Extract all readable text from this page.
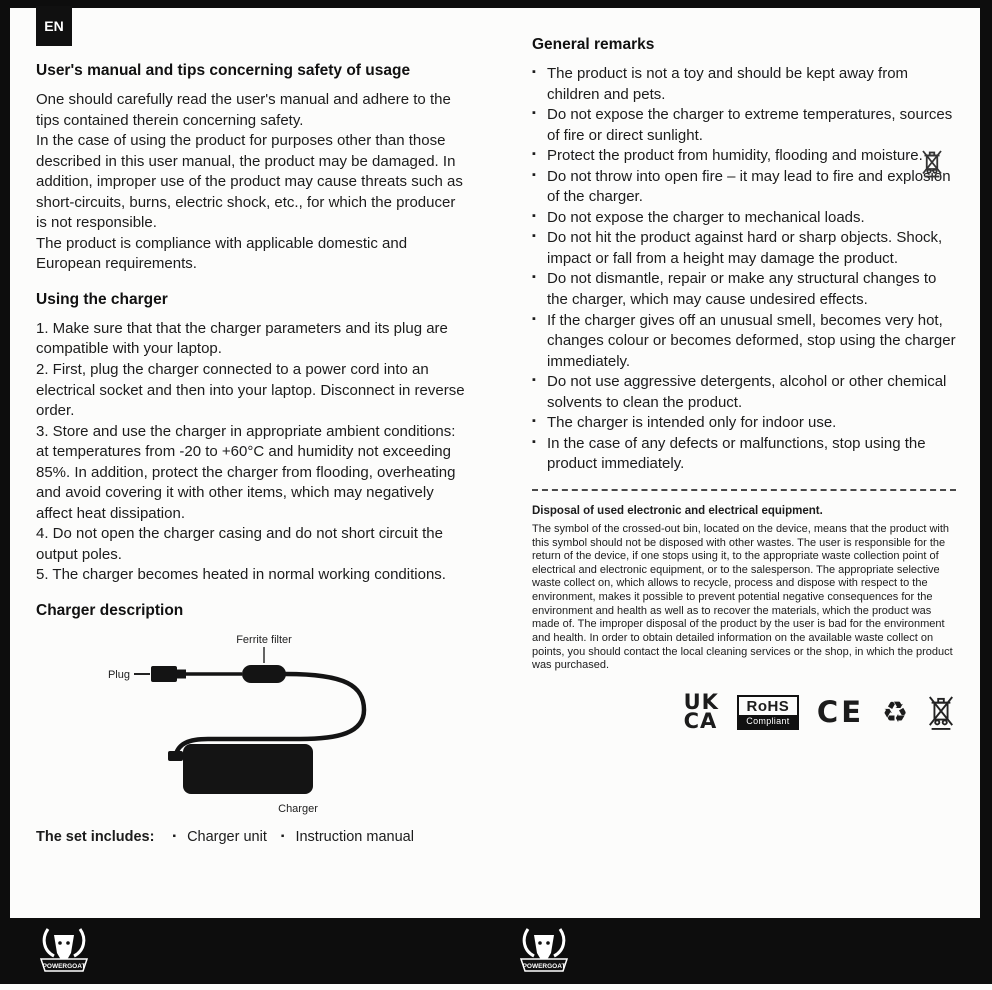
EN
User's manual and tips concerning safety of usage
One should carefully read the user's manual and adhere to the tips contained therein concerning safety.
In the case of using the product for purposes other than those described in this user manual, the product may be damaged. In addition, improper use of the product may cause threats such as short-circuits, burns, electric shock, etc., for which the producer is not responsible.
The product is compliance with applicable domestic and European requirements.
Using the charger
1. Make sure that that the charger parameters and its plug are compatible with your laptop.
2. First, plug the charger connected to a power cord into an electrical socket and then into your laptop. Disconnect in reverse order.
3. Store and use the charger in appropriate ambient conditions: at temperatures from -20 to +60°C and humidity not exceeding 85%. In addition, protect the charger from flooding, overheating and avoid covering it with other items, which may negatively affect heat dissipation.
4. Do not open the charger casing and do not short circuit the output poles.
5. The charger becomes heated in normal working conditions.
Charger description
Ferrite filter
Plug
Charger
The set includes: ▪ Charger unit ▪ Instruction manual
General remarks
▪ The product is not a toy and should be kept away from children and pets.
▪ Do not expose the charger to extreme temperatures, sources of fire or direct sunlight.
▪ Protect the product from humidity, flooding and moisture.
▪ Do not throw into open fire – it may lead to fire and explosion of the charger.
▪ Do not expose the charger to mechanical loads.
▪ Do not hit the product against hard or sharp objects. Shock, impact or fall from a height may damage the product.
▪ Do not dismantle, repair or make any structural changes to the charger, which may cause undesired effects.
▪ If the charger gives off an unusual smell, becomes very hot, changes colour or becomes deformed, stop using the charger immediately.
▪ Do not use aggressive detergents, alcohol or other chemical solvents to clean the product.
▪ The charger is intended only for indoor use.
▪ In the case of any defects or malfunctions, stop using the product immediately.
Disposal of used electronic and electrical equipment.

The symbol of the crossed-out bin, located on the device, means that the product with this symbol should not be disposed with other wastes. The user is responsible for the return of the device, if one stops using it, to the appropriate waste collection point of electrical and electronic equipment, or to the salesperson. The appropriate selective waste collect on, which allows to recycle, process and dispose with respect to the environment, makes it possible to prevent potential negative consequences for the environment and health as well as to recover the materials, which the product was made of. The improper disposal of the product by the user is bad for the environment and health. In order to obtain detailed information on the available waste collect on points, you should contact the local cleaning services or the shop, in which the product was purchased.

UK
CA
RoHS
Compliant CE ♻
POWERGOAT	POWERGOAT
